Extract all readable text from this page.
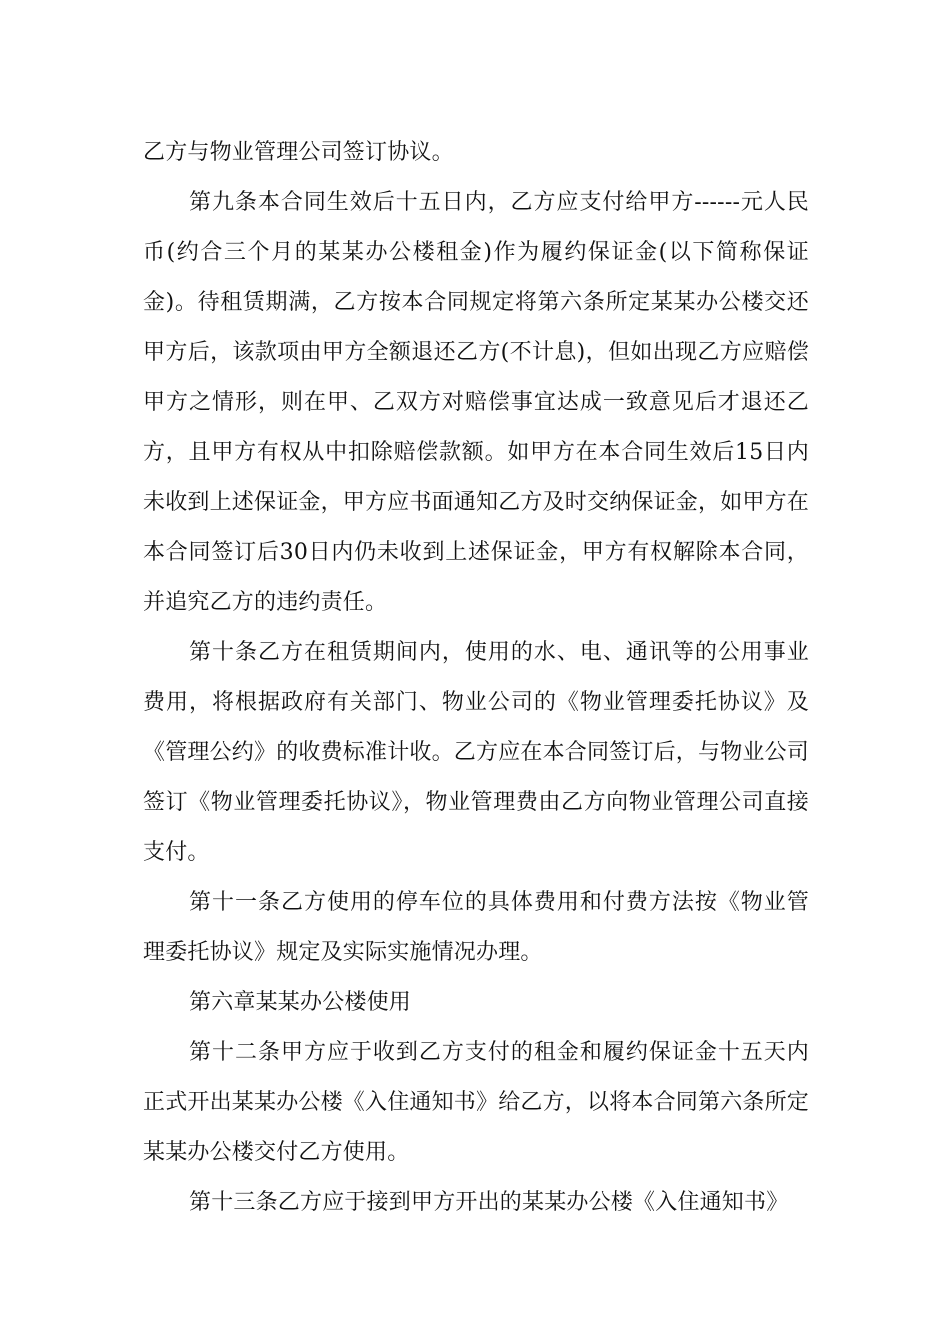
乙方与物业管理公司签订协议。

第九条本合同生效后十五日内，乙方应支付给甲方------元人民币(约合三个月的某某办公楼租金)作为履约保证金(以下简称保证金)。待租赁期满，乙方按本合同规定将第六条所定某某办公楼交还甲方后，该款项由甲方全额退还乙方(不计息)，但如出现乙方应赔偿甲方之情形，则在甲、乙双方对赔偿事宜达成一致意见后才退还乙方，且甲方有权从中扣除赔偿款额。如甲方在本合同生效后15日内未收到上述保证金，甲方应书面通知乙方及时交纳保证金，如甲方在本合同签订后30日内仍未收到上述保证金，甲方有权解除本合同，并追究乙方的违约责任。

第十条乙方在租赁期间内，使用的水、电、通讯等的公用事业费用，将根据政府有关部门、物业公司的《物业管理委托协议》及《管理公约》的收费标准计收。乙方应在本合同签订后，与物业公司签订《物业管理委托协议》，物业管理费由乙方向物业管理公司直接支付。

第十一条乙方使用的停车位的具体费用和付费方法按《物业管理委托协议》规定及实际实施情况办理。

第六章某某办公楼使用

第十二条甲方应于收到乙方支付的租金和履约保证金十五天内正式开出某某办公楼《入住通知书》给乙方，以将本合同第六条所定某某办公楼交付乙方使用。

第十三条乙方应于接到甲方开出的某某办公楼《入住通知书》
